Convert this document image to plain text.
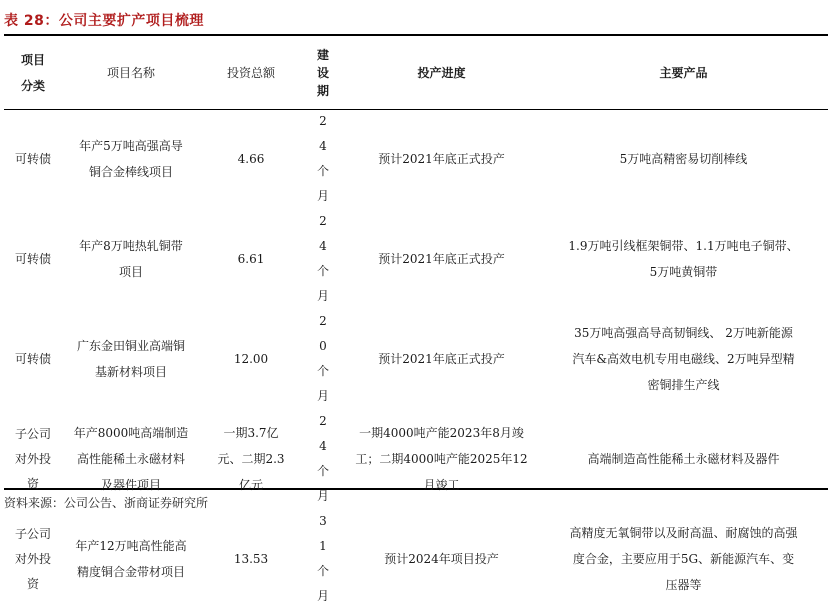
表 28：公司主要扩产项目梳理
项目分类	项目名称	投资总额	建设期	投产进度	主要产品

可转债	年产5万吨高强高导铜合金棒线项目	4.66	24个月	预计2021年底正式投产	5万吨高精密易切削棒线

可转债	年产8万吨热轧铜带项目	6.61	24个月	预计2021年底正式投产	1.9万吨引线框架铜带、1.1万吨电子铜带、5万吨黄铜带

可转债	广东金田铜业高端铜基新材料项目	12.00	20个月	预计2021年底正式投产	35万吨高强高导高韧铜线、 2万吨新能源汽车&高效电机专用电磁线、2万吨异型精密铜排生产线

子公司对外投资	年产8000吨高端制造高性能稀土永磁材料及器件项目	一期3.7亿元、二期2.3亿元	24个月	一期4000吨产能2023年8月竣工；二期4000吨产能2025年12月竣工	高端制造高性能稀土永磁材料及器件

子公司对外投资	年产12万吨高性能高精度铜合金带材项目	13.53	31个月	预计2024年项目投产	高精度无氧铜带以及耐高温、耐腐蚀的高强度合金，主要应用于5G、新能源汽车、变压器等
资料来源：公司公告、浙商证券研究所
